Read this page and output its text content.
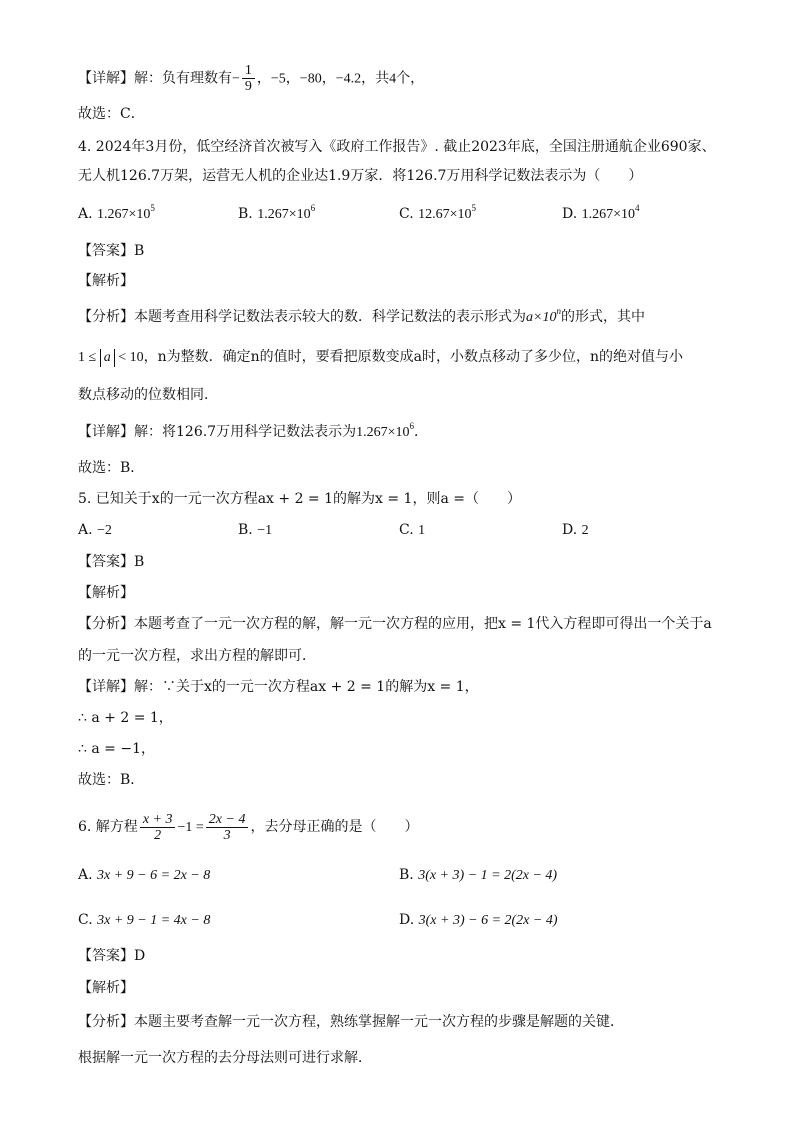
【详解】解：负有理数有− $\frac{1}{9}$ ，−5，−80，−4.2，共4个，
故选：C．
4. 2024年3月份，低空经济首次被写入《政府工作报告》. 截止2023年底，全国注册通航企业690家、
无人机126.7万架，运营无人机的企业达1.9万家．将126.7万用科学记数法表示为（　　）
A. $1.267\times 10^5$	B. $1.267\times 10^6$	C. $12.67\times 10^5$	D. $1.267\times 10^4$
【答案】B
【解析】
【分析】本题考查用科学记数法表示较大的数．科学记数法的表示形式为$a\times 10^n$的形式，其中
1 ≤ a < 10，n为整数．确定n的值时，要看把原数变成a时，小数点移动了多少位，n的绝对值与小
数点移动的位数相同．
【详解】解：将126.7万用科学记数法表示为$1.267\times 10^6$．
故选：B．
5. 已知关于x的一元一次方程ax + 2 = 1的解为x = 1，则a =（　　）
A. −2	B. −1	C. 1	D. 2
【答案】B
【解析】
【分析】本题考查了一元一次方程的解，解一元一次方程的应用，把x = 1代入方程即可得出一个关于a
的一元一次方程，求出方程的解即可．
【详解】解：∵关于x的一元一次方程ax + 2 = 1的解为x = 1，
∴ a + 2 = 1，
∴ a = −1，
故选：B．
6. 解方程 $\frac{x + 3}{2} -1 = \frac{2x - 4}{3}$ ，去分母正确的是（　　）
A. 3x + 9 − 6 = 2x − 8	B. 3(x + 3) − 1 = 2(2x − 4)
C. 3x + 9 − 1 = 4x − 8	D. 3(x + 3) − 6 = 2(2x − 4)
【答案】D
【解析】
【分析】本题主要考查解一元一次方程，熟练掌握解一元一次方程的步骤是解题的关键．
根据解一元一次方程的去分母法则可进行求解．
